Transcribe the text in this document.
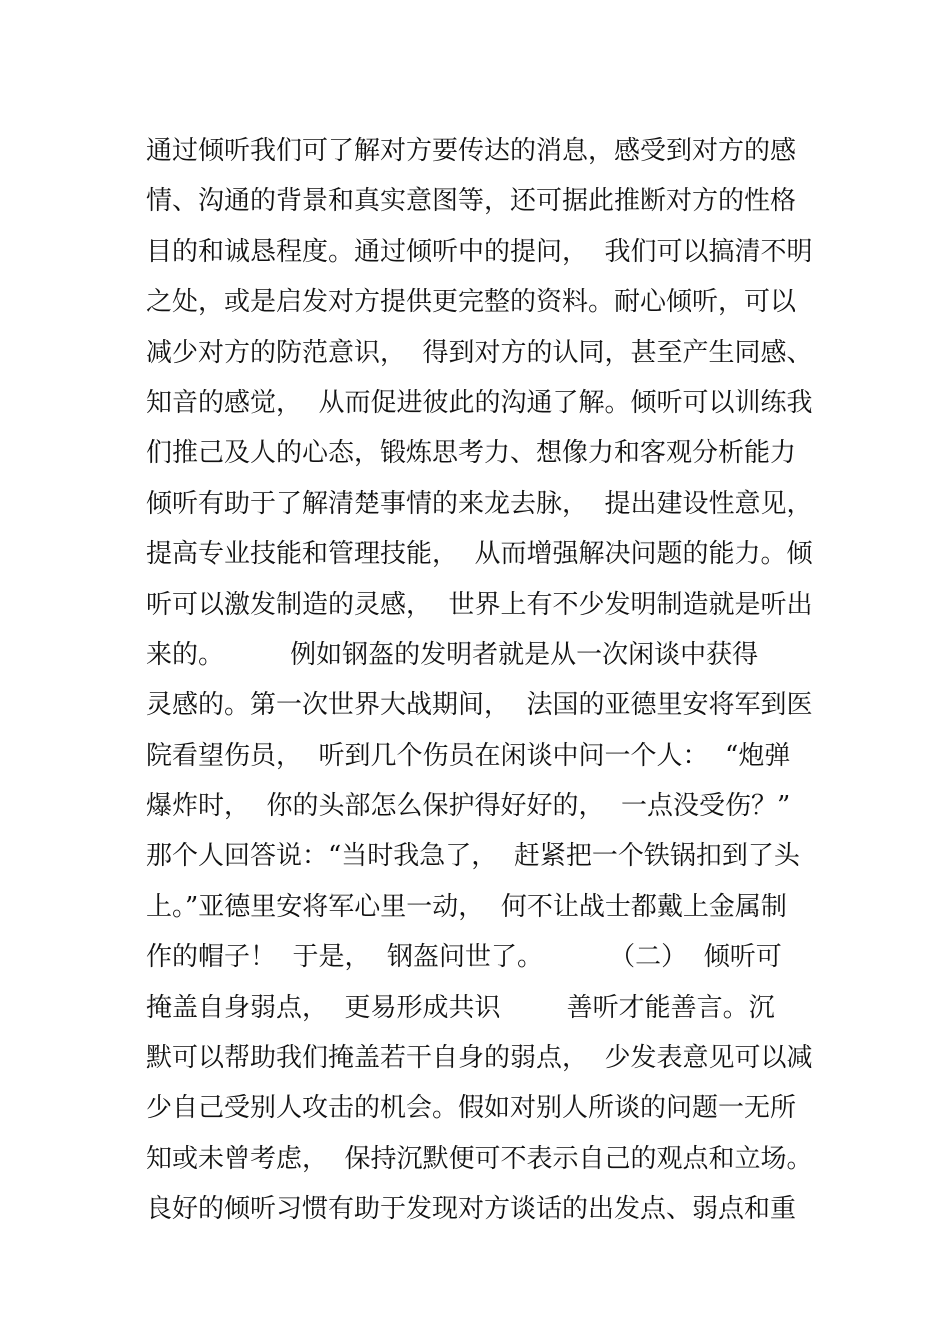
通过倾听我们可了解对方要传达的消息，感受到对方的感
情、沟通的背景和真实意图等，还可据此推断对方的性格
目的和诚恳程度。通过倾听中的提问，  我们可以搞清不明
之处，或是启发对方提供更完整的资料。耐心倾听，可以
减少对方的防范意识，  得到对方的认同，甚至产生同感、
知音的感觉，  从而促进彼此的沟通了解。倾听可以训练我
们推己及人的心态，锻炼思考力、想像力和客观分析能力
倾听有助于了解清楚事情的来龙去脉，  提出建设性意见，
提高专业技能和管理技能，  从而增强解决问题的能力。倾
听可以激发制造的灵感，  世界上有不少发明制造就是听出
来的。        例如钢盔的发明者就是从一次闲谈中获得
灵感的。第一次世界大战期间，  法国的亚德里安将军到医
院看望伤员，  听到几个伤员在闲谈中问一个人：  “炮弹
爆炸时，  你的头部怎么保护得好好的，  一点没受伤？”
那个人回答说：“当时我急了，  赶紧把一个铁锅扣到了头
上。”亚德里安将军心里一动，  何不让战士都戴上金属制
作的帽子！  于是，  钢盔问世了。        （二）  倾听可
掩盖自身弱点，  更易形成共识        善听才能善言。沉
默可以帮助我们掩盖若干自身的弱点，  少发表意见可以减
少自己受别人攻击的机会。假如对别人所谈的问题一无所
知或未曾考虑，  保持沉默便可不表示自己的观点和立场。
良好的倾听习惯有助于发现对方谈话的出发点、弱点和重
